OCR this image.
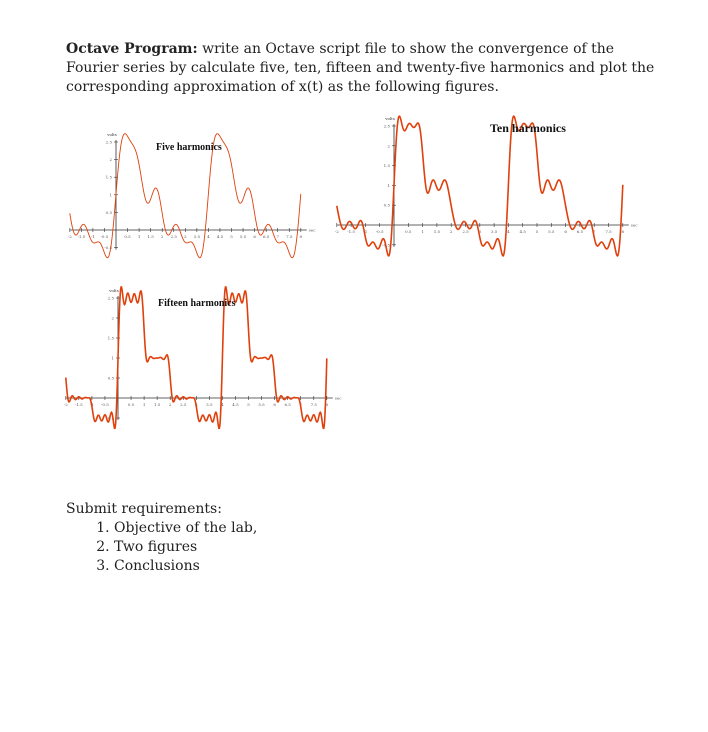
Octave Program: write an Octave script file to show the convergence of the Fourier series by calculate five, ten, fifteen and twenty-five harmonics and plot the corresponding approximation of x(t) as the following figures.
volts
2.5
2
1.5
1
0.5
-0.5
-2 -1.5 -1 -0.5	0.5 1 1.5 2 2.5 3 3.5 4 4.5 5 5.5 6 6.5 7 7.5 8
sec
Five harmonics
volts
2.5
2
1.5
1
0.5
-0.5
-2 -1.5 -1 -0.5	0.5 1 1.5 2 2.5 3 3.5 4 4.5 5 5.5 6 6.5 7 7.5 8
sec
Ten harmonics
volts
2.5
2
1.5
1
0.5
-0.5
-2 -1.5 -1 -0.5	0.5 1 1.5 2 2.5 3 3.5 4 4.5 5 5.5 6 6.5 7 7.5 8
sec
Fifteen harmonics
Submit requirements:
1. Objective of the lab,
2. Two figures
3. Conclusions
